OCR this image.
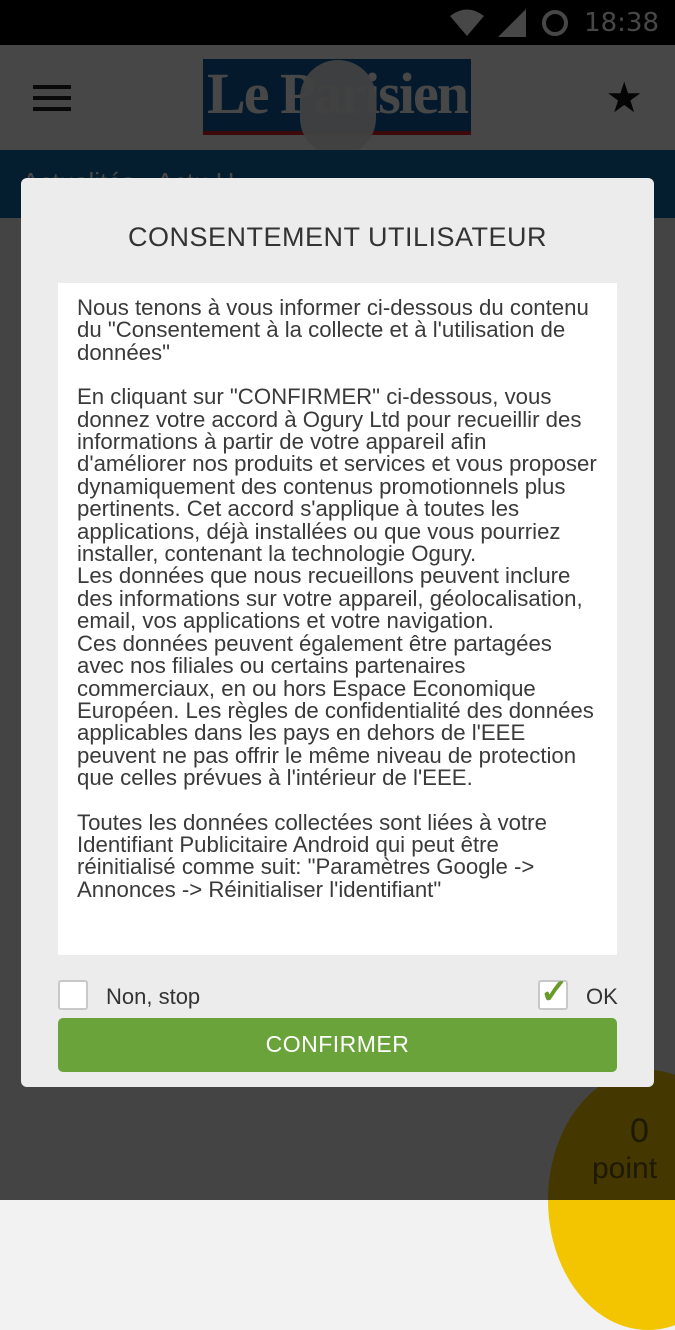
CONSENTEMENT UTILISATEUR

Nous tenons à vous informer ci-dessous du contenu du "Consentement à la collecte et à l'utilisation de données"

En cliquant sur "CONFIRMER" ci-dessous, vous donnez votre accord à Ogury Ltd pour recueillir des informations à partir de votre appareil afin d'améliorer nos produits et services et vous proposer dynamiquement des contenus promotionnels plus pertinents. Cet accord s'applique à toutes les applications, déjà installées ou que vous pourriez installer, contenant la technologie Ogury.

Les données que nous recueillons peuvent inclure des informations sur votre appareil, géolocalisation, email, vos applications et votre navigation.

Ces données peuvent également être partagées avec nos filiales ou certains partenaires commerciaux, en ou hors Espace Economique Européen. Les règles de confidentialité des données applicables dans les pays en dehors de l'EEE peuvent ne pas offrir le même niveau de protection que celles prévues à l'intérieur de l'EEE.

Toutes les données collectées sont liées à votre Identifiant Publicitaire Android qui peut être réinitialisé comme suit: "Paramètres Google -> Annonces -> Réinitialiser l'identifiant"

Non, stop	✓ OK
CONFIRMER
